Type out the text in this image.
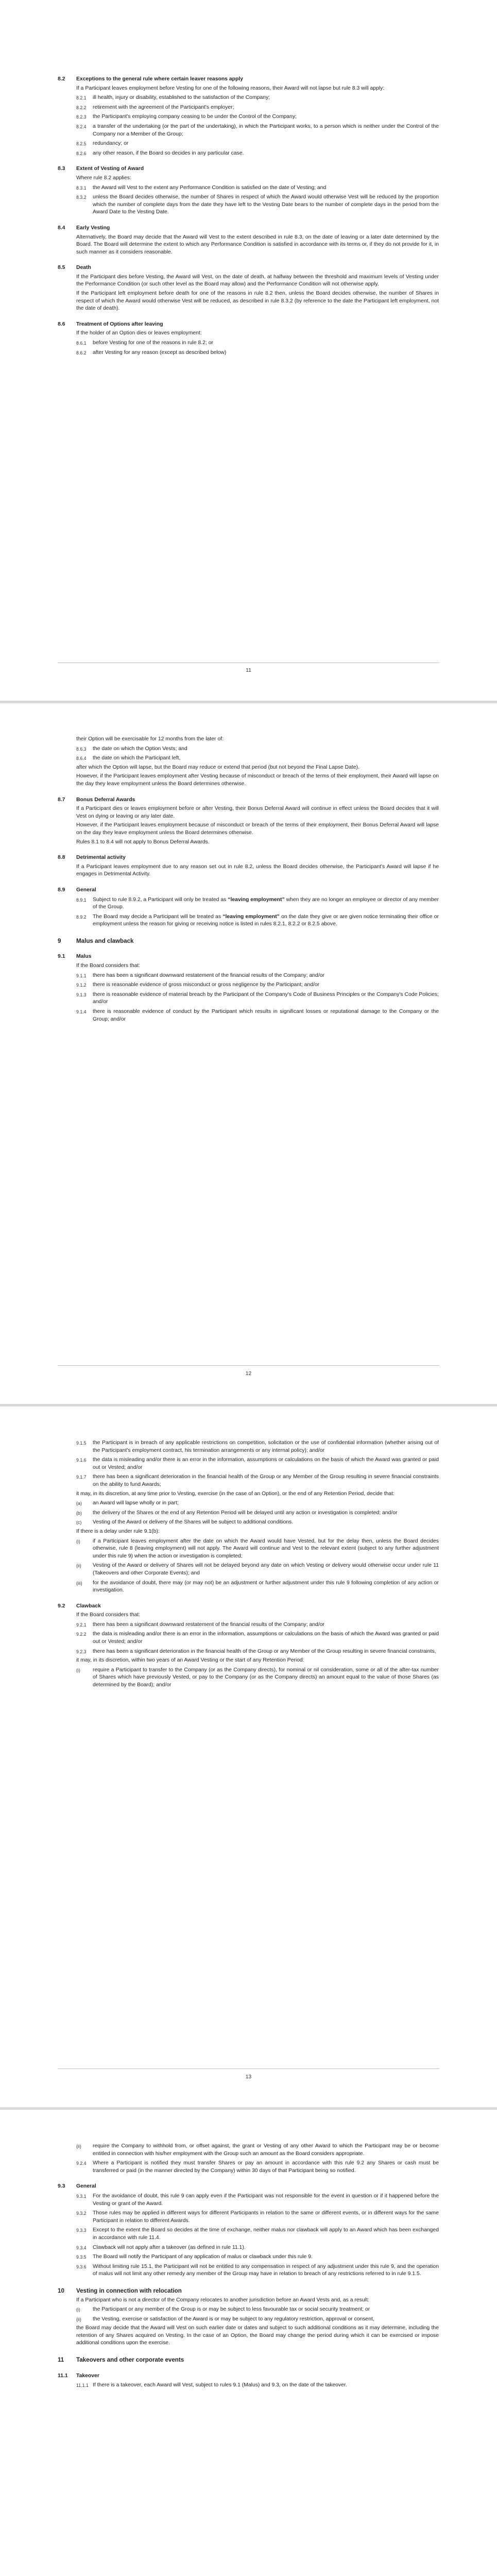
8.2	Exceptions to the general rule where certain leaver reasons apply
If a Participant leaves employment before Vesting for one of the following reasons, their Award will not lapse but rule 8.3 will apply:
8.2.1	ill health, injury or disability, established to the satisfaction of the Company;
8.2.2	retirement with the agreement of the Participant's employer;
8.2.3	the Participant's employing company ceasing to be under the Control of the Company;
8.2.4	a transfer of the undertaking (or the part of the undertaking), in which the Participant works, to a person which is neither under the Control of the Company nor a Member of the Group;
8.2.5	redundancy; or
8.2.6	any other reason, if the Board so decides in any particular case.
8.3	Extent of Vesting of Award
Where rule 8.2 applies:
8.3.1	the Award will Vest to the extent any Performance Condition is satisfied on the date of Vesting; and
8.3.2	unless the Board decides otherwise, the number of Shares in respect of which the Award would otherwise Vest will be reduced by the proportion which the number of complete days from the date they have left to the Vesting Date bears to the number of complete days in the period from the Award Date to the Vesting Date.
8.4	Early Vesting
Alternatively, the Board may decide that the Award will Vest to the extent described in rule 8.3, on the date of leaving or a later date determined by the Board. The Board will determine the extent to which any Performance Condition is satisfied in accordance with its terms or, if they do not provide for it, in such manner as it considers reasonable.
8.5	Death
If the Participant dies before Vesting, the Award will Vest, on the date of death, at halfway between the threshold and maximum levels of Vesting under the Performance Condition (or such other level as the Board may allow) and the Performance Condition will not otherwise apply.
If the Participant left employment before death for one of the reasons in rule 8.2 then, unless the Board decides otherwise, the number of Shares in respect of which the Award would otherwise Vest will be reduced, as described in rule 8.3.2 (by reference to the date the Participant left employment, not the date of death).
8.6	Treatment of Options after leaving
If the holder of an Option dies or leaves employment:
8.6.1	before Vesting for one of the reasons in rule 8.2; or
8.6.2	after Vesting for any reason (except as described below)
11
their Option will be exercisable for 12 months from the later of:
8.6.3	the date on which the Option Vests; and
8.6.4	the date on which the Participant left,
after which the Option will lapse, but the Board may reduce or extend that period (but not beyond the Final Lapse Date).
However, if the Participant leaves employment after Vesting because of misconduct or breach of the terms of their employment, their Award will lapse on the day they leave employment unless the Board determines otherwise.
8.7	Bonus Deferral Awards
If a Participant dies or leaves employment before or after Vesting, their Bonus Deferral Award will continue in effect unless the Board decides that it will Vest on dying or leaving or any later date.
However, if the Participant leaves employment because of misconduct or breach of the terms of their employment, their Bonus Deferral Award will lapse on the day they leave employment unless the Board determines otherwise.
Rules 8.1 to 8.4 will not apply to Bonus Deferral Awards.
8.8	Detrimental activity
If a Participant leaves employment due to any reason set out in rule 8.2, unless the Board decides otherwise, the Participant's Award will lapse if he engages in Detrimental Activity.
8.9	General
8.9.1	Subject to rule 8.9.2, a Participant will only be treated as “leaving employment” when they are no longer an employee or director of any member of the Group.
8.9.2	The Board may decide a Participant will be treated as “leaving employment” on the date they give or are given notice terminating their office or employment unless the reason for giving or receiving notice is listed in rules 8.2.1, 8.2.2 or 8.2.5 above.
9	Malus and clawback
9.1	Malus
If the Board considers that:
9.1.1	there has been a significant downward restatement of the financial results of the Company; and/or
9.1.2	there is reasonable evidence of gross misconduct or gross negligence by the Participant; and/or
9.1.3	there is reasonable evidence of material breach by the Participant of the Company's Code of Business Principles or the Company's Code Policies; and/or
9.1.4	there is reasonable evidence of conduct by the Participant which results in significant losses or reputational damage to the Company or the Group; and/or
12
9.1.5	the Participant is in breach of any applicable restrictions on competition, solicitation or the use of confidential information (whether arising out of the Participant's employment contract, his termination arrangements or any internal policy); and/or
9.1.6	the data is misleading and/or there is an error in the information, assumptions or calculations on the basis of which the Award was granted or paid out or Vested; and/or
9.1.7	there has been a significant deterioration in the financial health of the Group or any Member of the Group resulting in severe financial constraints on the ability to fund Awards;
it may, in its discretion, at any time prior to Vesting, exercise (in the case of an Option), or the end of any Retention Period, decide that:
(a)	an Award will lapse wholly or in part;
(b)	the delivery of the Shares or the end of any Retention Period will be delayed until any action or investigation is completed; and/or
(c)	Vesting of the Award or delivery of the Shares will be subject to additional conditions.
If there is a delay under rule 9.1(b):
(i)	if a Participant leaves employment after the date on which the Award would have Vested, but for the delay then, unless the Board decides otherwise, rule 8 (leaving employment) will not apply. The Award will continue and Vest to the relevant extent (subject to any further adjustment under this rule 9) when the action or investigation is completed;
(ii)	Vesting of the Award or delivery of Shares will not be delayed beyond any date on which Vesting or delivery would otherwise occur under rule 11 (Takeovers and other Corporate Events); and
(iii)	for the avoidance of doubt, there may (or may not) be an adjustment or further adjustment under this rule 9 following completion of any action or investigation.
9.2	Clawback
If the Board considers that:
9.2.1	there has been a significant downward restatement of the financial results of the Company; and/or
9.2.2	the data is misleading and/or there is an error in the information, assumptions or calculations on the basis of which the Award was granted or paid out or Vested; and/or
9.2.3	there has been a significant deterioration in the financial health of the Group or any Member of the Group resulting in severe financial constraints,
it may, in its discretion, within two years of an Award Vesting or the start of any Retention Period:
(i)	require a Participant to transfer to the Company (or as the Company directs), for nominal or nil consideration, some or all of the after-tax number of Shares which have previously Vested, or pay to the Company (or as the Company directs) an amount equal to the value of those Shares (as determined by the Board); and/or
13
(ii)	require the Company to withhold from, or offset against, the grant or Vesting of any other Award to which the Participant may be or become entitled in connection with his/her employment with the Group such an amount as the Board considers appropriate.
9.2.4	Where a Participant is notified they must transfer Shares or pay an amount in accordance with this rule 9.2 any Shares or cash must be transferred or paid (in the manner directed by the Company) within 30 days of that Participant being so notified.
9.3	General
9.3.1	For the avoidance of doubt, this rule 9 can apply even if the Participant was not responsible for the event in question or if it happened before the Vesting or grant of the Award.
9.3.2	Those rules may be applied in different ways for different Participants in relation to the same or different events, or in different ways for the same Participant in relation to different Awards.
9.3.3	Except to the extent the Board so decides at the time of exchange, neither malus nor clawback will apply to an Award which has been exchanged in accordance with rule 11.4.
9.3.4	Clawback will not apply after a takeover (as defined in rule 11.1).
9.3.5	The Board will notify the Participant of any application of malus or clawback under this rule 9.
9.3.6	Without limiting rule 15.1, the Participant will not be entitled to any compensation in respect of any adjustment under this rule 9, and the operation of malus will not limit any other remedy any member of the Group may have in relation to breach of any restrictions referred to in rule 9.1.5.
10	Vesting in connection with relocation
If a Participant who is not a director of the Company relocates to another jurisdiction before an Award Vests and, as a result:
(i)	the Participant or any member of the Group is or may be subject to less favourable tax or social security treatment; or
(ii)	the Vesting, exercise or satisfaction of the Award is or may be subject to any regulatory restriction, approval or consent,
the Board may decide that the Award will Vest on such earlier date or dates and subject to such additional conditions as it may determine, including the retention of any Shares acquired on Vesting. In the case of an Option, the Board may change the period during which it can be exercised or impose additional conditions upon the exercise.
11	Takeovers and other corporate events
11.1	Takeover
11.1.1 If there is a takeover, each Award will Vest, subject to rules 9.1 (Malus) and 9.3, on the date of the takeover.
